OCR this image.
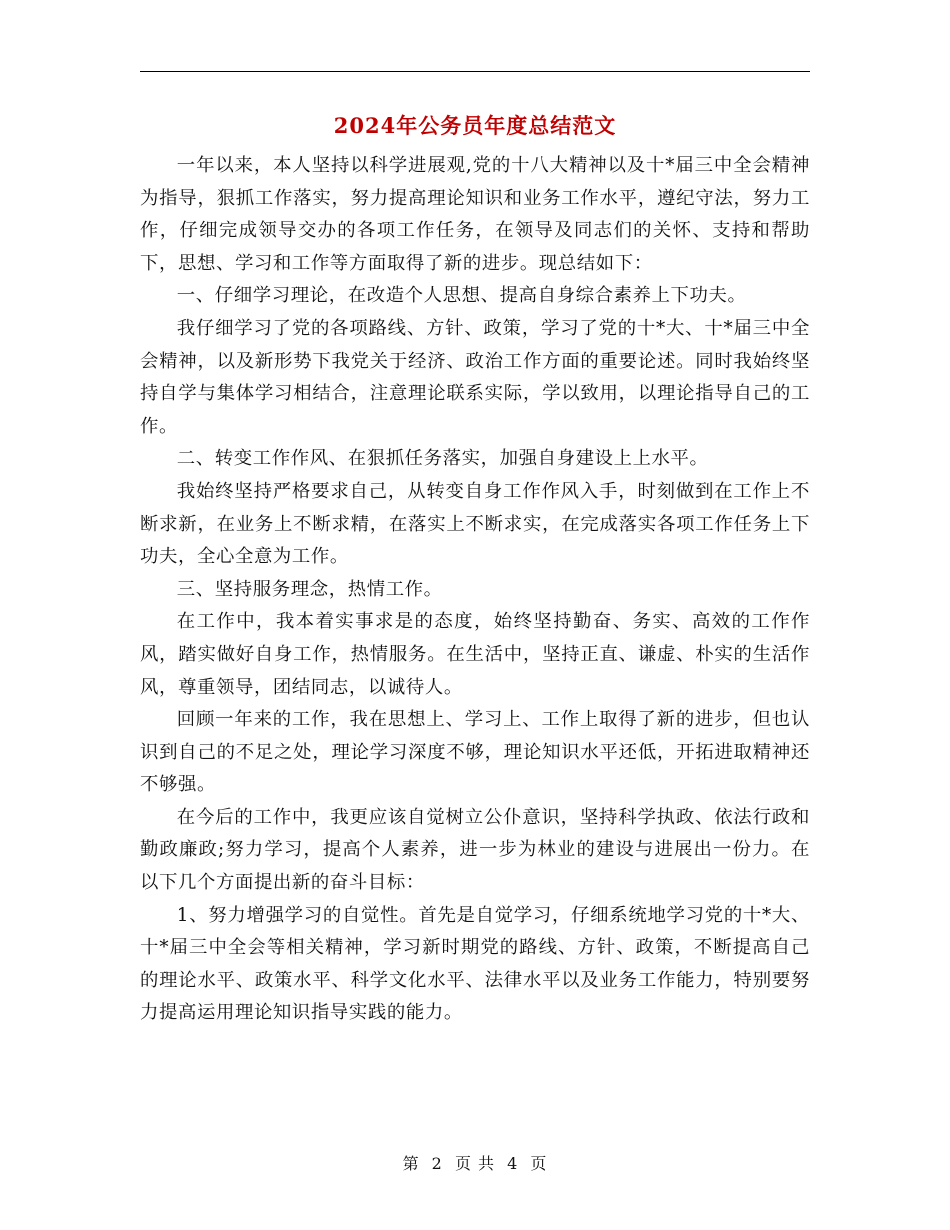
2024年公务员年度总结范文

一年以来，本人坚持以科学进展观,党的十八大精神以及十*届三中全会精神为指导，狠抓工作落实，努力提高理论知识和业务工作水平，遵纪守法，努力工作，仔细完成领导交办的各项工作任务，在领导及同志们的关怀、支持和帮助下，思想、学习和工作等方面取得了新的进步。现总结如下：

一、仔细学习理论，在改造个人思想、提高自身综合素养上下功夫。

我仔细学习了党的各项路线、方针、政策，学习了党的十*大、十*届三中全会精神，以及新形势下我党关于经济、政治工作方面的重要论述。同时我始终坚持自学与集体学习相结合，注意理论联系实际，学以致用，以理论指导自己的工作。

二、转变工作作风、在狠抓任务落实，加强自身建设上上水平。

我始终坚持严格要求自己，从转变自身工作作风入手，时刻做到在工作上不断求新，在业务上不断求精，在落实上不断求实，在完成落实各项工作任务上下功夫，全心全意为工作。

三、坚持服务理念，热情工作。

在工作中，我本着实事求是的态度，始终坚持勤奋、务实、高效的工作作风，踏实做好自身工作，热情服务。在生活中，坚持正直、谦虚、朴实的生活作风，尊重领导，团结同志，以诚待人。

回顾一年来的工作，我在思想上、学习上、工作上取得了新的进步，但也认识到自己的不足之处，理论学习深度不够，理论知识水平还低，开拓进取精神还不够强。

在今后的工作中，我更应该自觉树立公仆意识，坚持科学执政、依法行政和勤政廉政;努力学习，提高个人素养，进一步为林业的建设与进展出一份力。在以下几个方面提出新的奋斗目标：

1、努力增强学习的自觉性。首先是自觉学习，仔细系统地学习党的十*大、十*届三中全会等相关精神，学习新时期党的路线、方针、政策，不断提高自己的理论水平、政策水平、科学文化水平、法律水平以及业务工作能力，特别要努力提高运用理论知识指导实践的能力。

第 2 页 共 4 页
